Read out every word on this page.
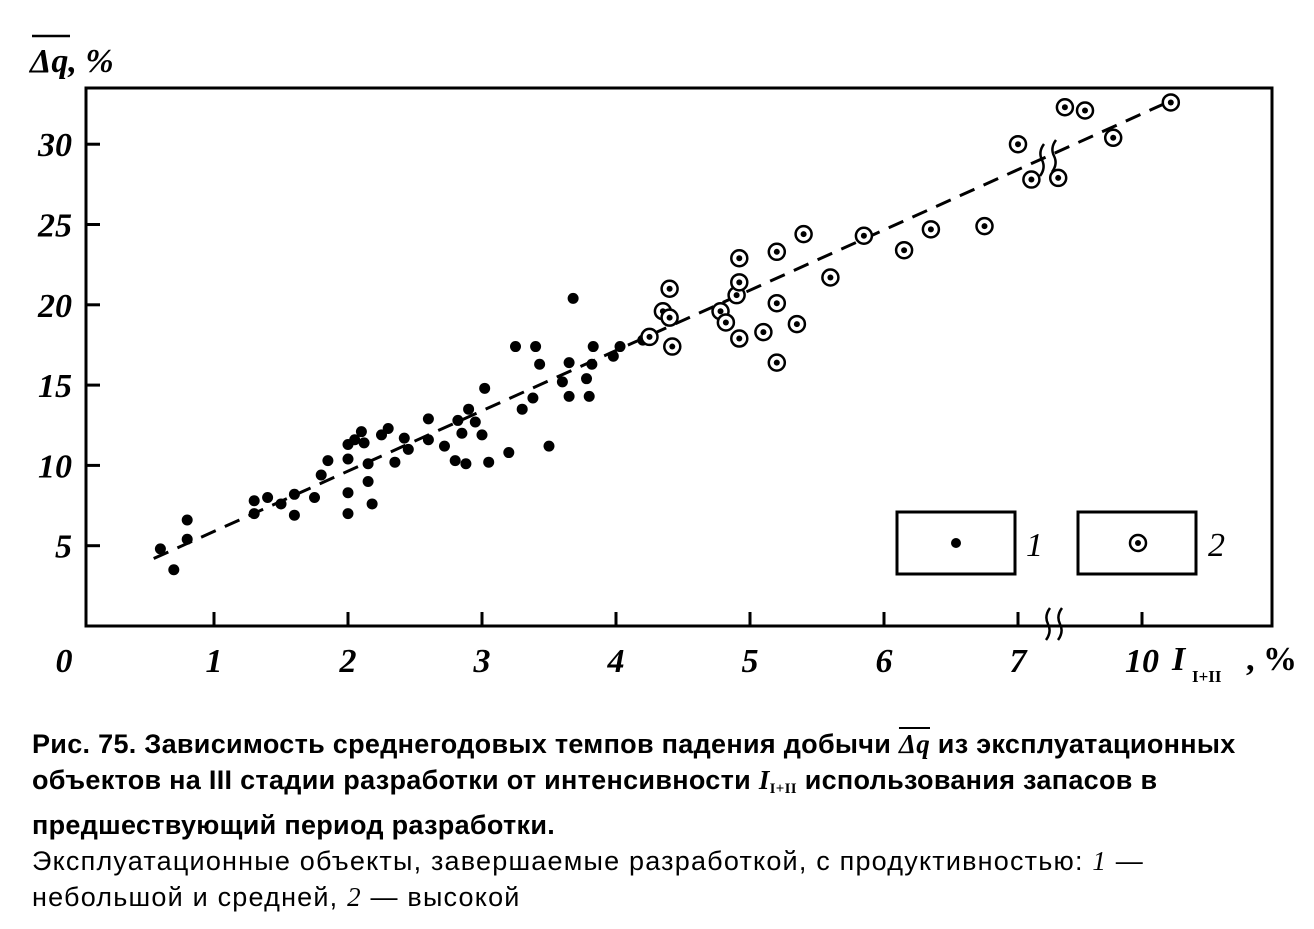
Δq, %
5
10
15
20
25
30
0	1	2	3	4	5	6	7	10 I I+II , %
1	2
Рис. 75. Зависимость среднегодовых темпов падения добычи $\overline{\Delta q}$ из эксплуатационных объектов на III стадии разработки от интенсивности $I_{I+II}$ использования запасов в предшествующий период разработки.
Эксплуатационные объекты, завершаемые разработкой, с продуктивностью: 1 — небольшой и средней, 2 — высокой
